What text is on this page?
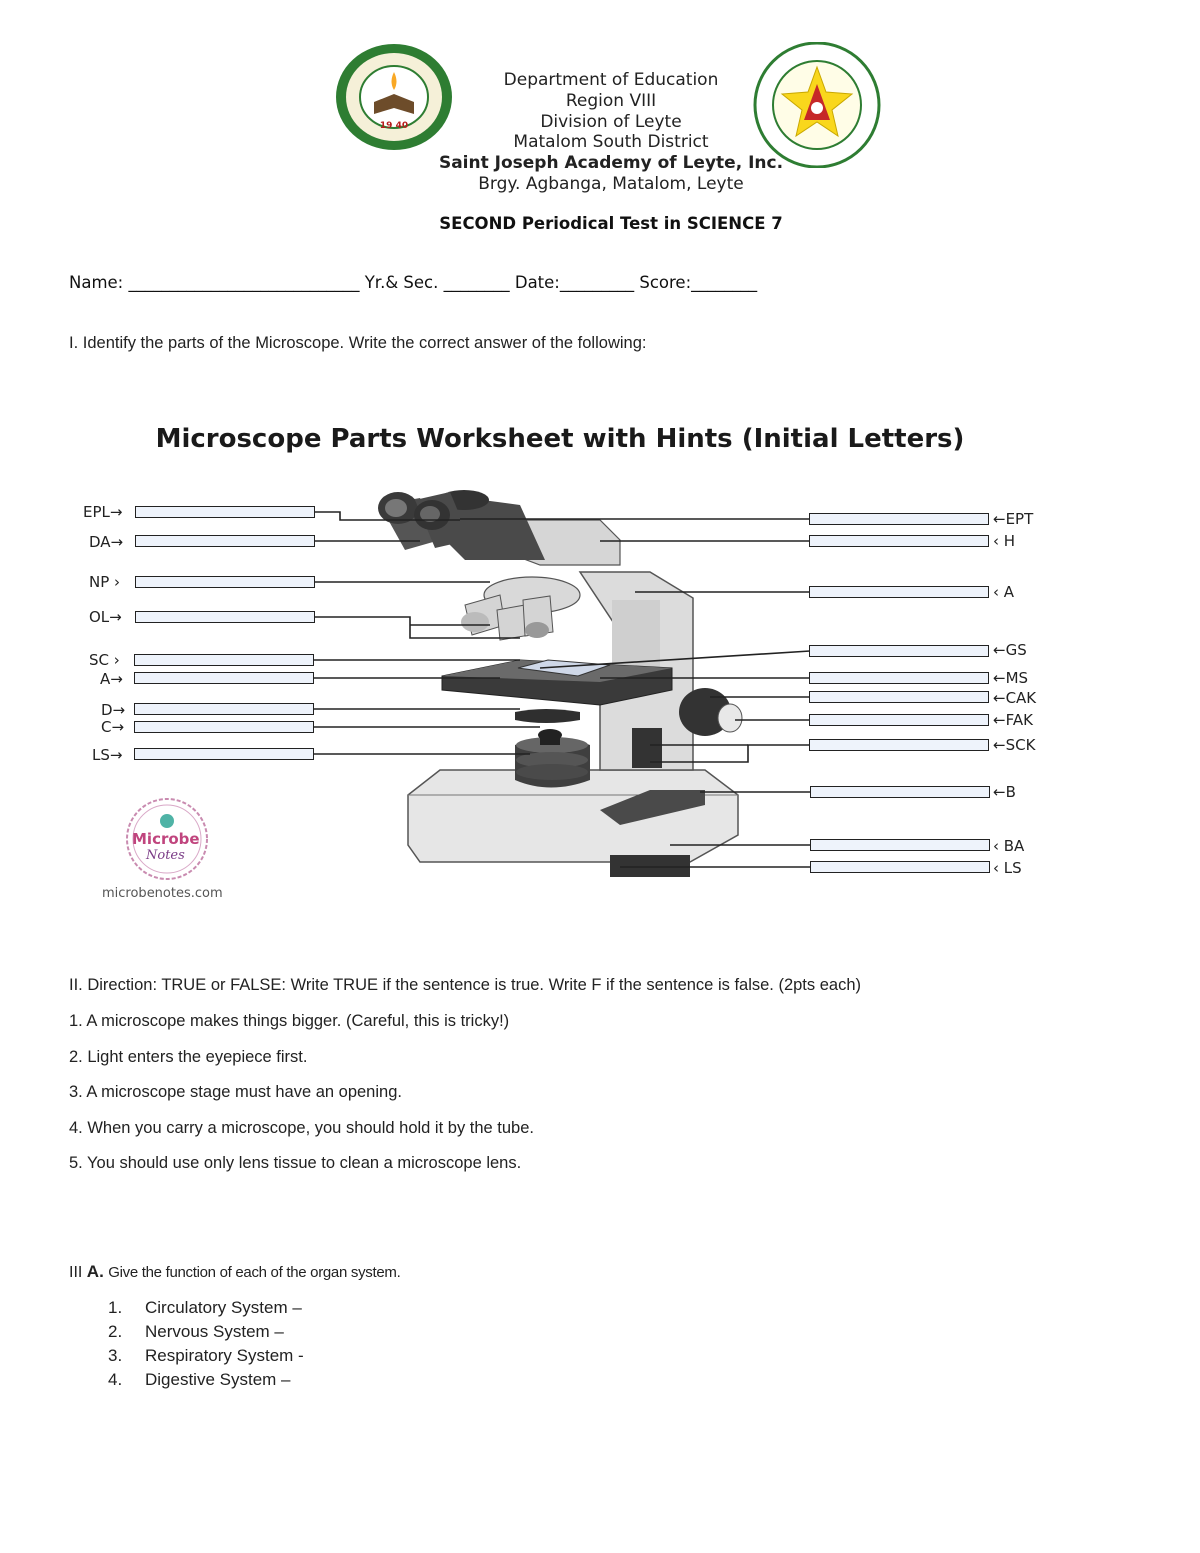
19 40
Department of Education
Region VIII
Division of Leyte
Matalom South District
Saint Joseph Academy of Leyte, Inc.
Brgy. Agbanga, Matalom, Leyte
SECOND Periodical Test in SCIENCE 7
Name: ____________________________ Yr.& Sec. ________ Date:_________ Score:________
I. Identify the parts of the Microscope. Write the correct answer of the following:
Microscope Parts Worksheet with Hints (Initial Letters)
EPL→
DA→
NP ›
OL→
SC ›
A→
D→
C→
LS→
←EPT
‹ H
‹ A
←GS
←MS
←CAK
←FAK
←SCK
←B
‹ BA
‹ LS
Microbe
Notes
microbenotes.com
II. Direction: TRUE or FALSE: Write TRUE if the sentence is true. Write F if the sentence is false. (2pts each)
1. A microscope makes things bigger. (Careful, this is tricky!)
2. Light enters the eyepiece first.
3. A microscope stage must have an opening.
4. When you carry a microscope, you should hold it by the tube.
5. You should use only lens tissue to clean a microscope lens.
III A. Give the function of each of the organ system.
1. Circulatory System –
2. Nervous System –
3. Respiratory System -
4. Digestive System –
